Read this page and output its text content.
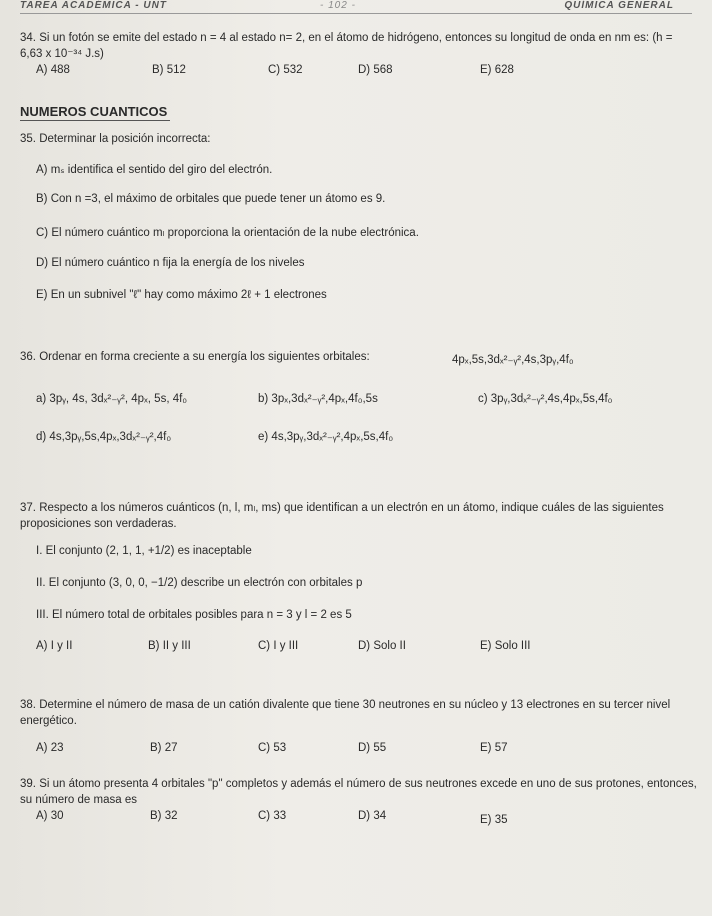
TAREA ACADÉMICA - UNT	- 102 -	QUÍMICA GENERAL
34. Si un fotón se emite del estado n = 4 al estado n= 2, en el átomo de hidrógeno, entonces su longitud de onda en nm es: (h = 6,63 x 10⁻³⁴ J.s)
A) 488	B) 512	C) 532	D) 568	E) 628
NUMEROS CUANTICOS
35. Determinar la posición incorrecta:
A) mₛ identifica el sentido del giro del electrón.
B) Con n =3, el máximo de orbitales que puede tener un átomo es 9.
C) El número cuántico mₗ proporciona la orientación de la nube electrónica.
D) El número cuántico n fija la energía de los niveles
E) En un subnivel "ℓ" hay como máximo 2ℓ + 1 electrones
36. Ordenar en forma creciente a su energía los siguientes orbitales:	4pₓ,5s,3dₓ²₋ᵧ²,4s,3pᵧ,4f₀
a) 3pᵧ, 4s, 3dₓ²₋ᵧ², 4pₓ, 5s, 4f₀	b) 3pₓ,3dₓ²₋ᵧ²,4pₓ,4f₀,5s	c) 3pᵧ,3dₓ²₋ᵧ²,4s,4pₓ,5s,4f₀
d) 4s,3pᵧ,5s,4pₓ,3dₓ²₋ᵧ²,4f₀	e) 4s,3pᵧ,3dₓ²₋ᵧ²,4pₓ,5s,4f₀
37. Respecto a los números cuánticos (n, l, mₗ, ms) que identifican a un electrón en un átomo, indique cuáles de las siguientes proposiciones son verdaderas.
I. El conjunto (2, 1, 1, +1/2) es inaceptable
II. El conjunto (3, 0, 0, −1/2) describe un electrón con orbitales p
III. El número total de orbitales posibles para n = 3 y l = 2 es 5
A) I y II	B) II y III	C) I y III	D) Solo II	E) Solo III
38. Determine el número de masa de un catión divalente que tiene 30 neutrones en su núcleo y 13 electrones en su tercer nivel energético.
A) 23	B) 27	C) 53	D) 55	E) 57
39. Si un átomo presenta 4 orbitales "p" completos y además el número de sus neutrones excede en uno de sus protones, entonces, su número de masa es
A) 30	B) 32	C) 33	D) 34	E) 35
